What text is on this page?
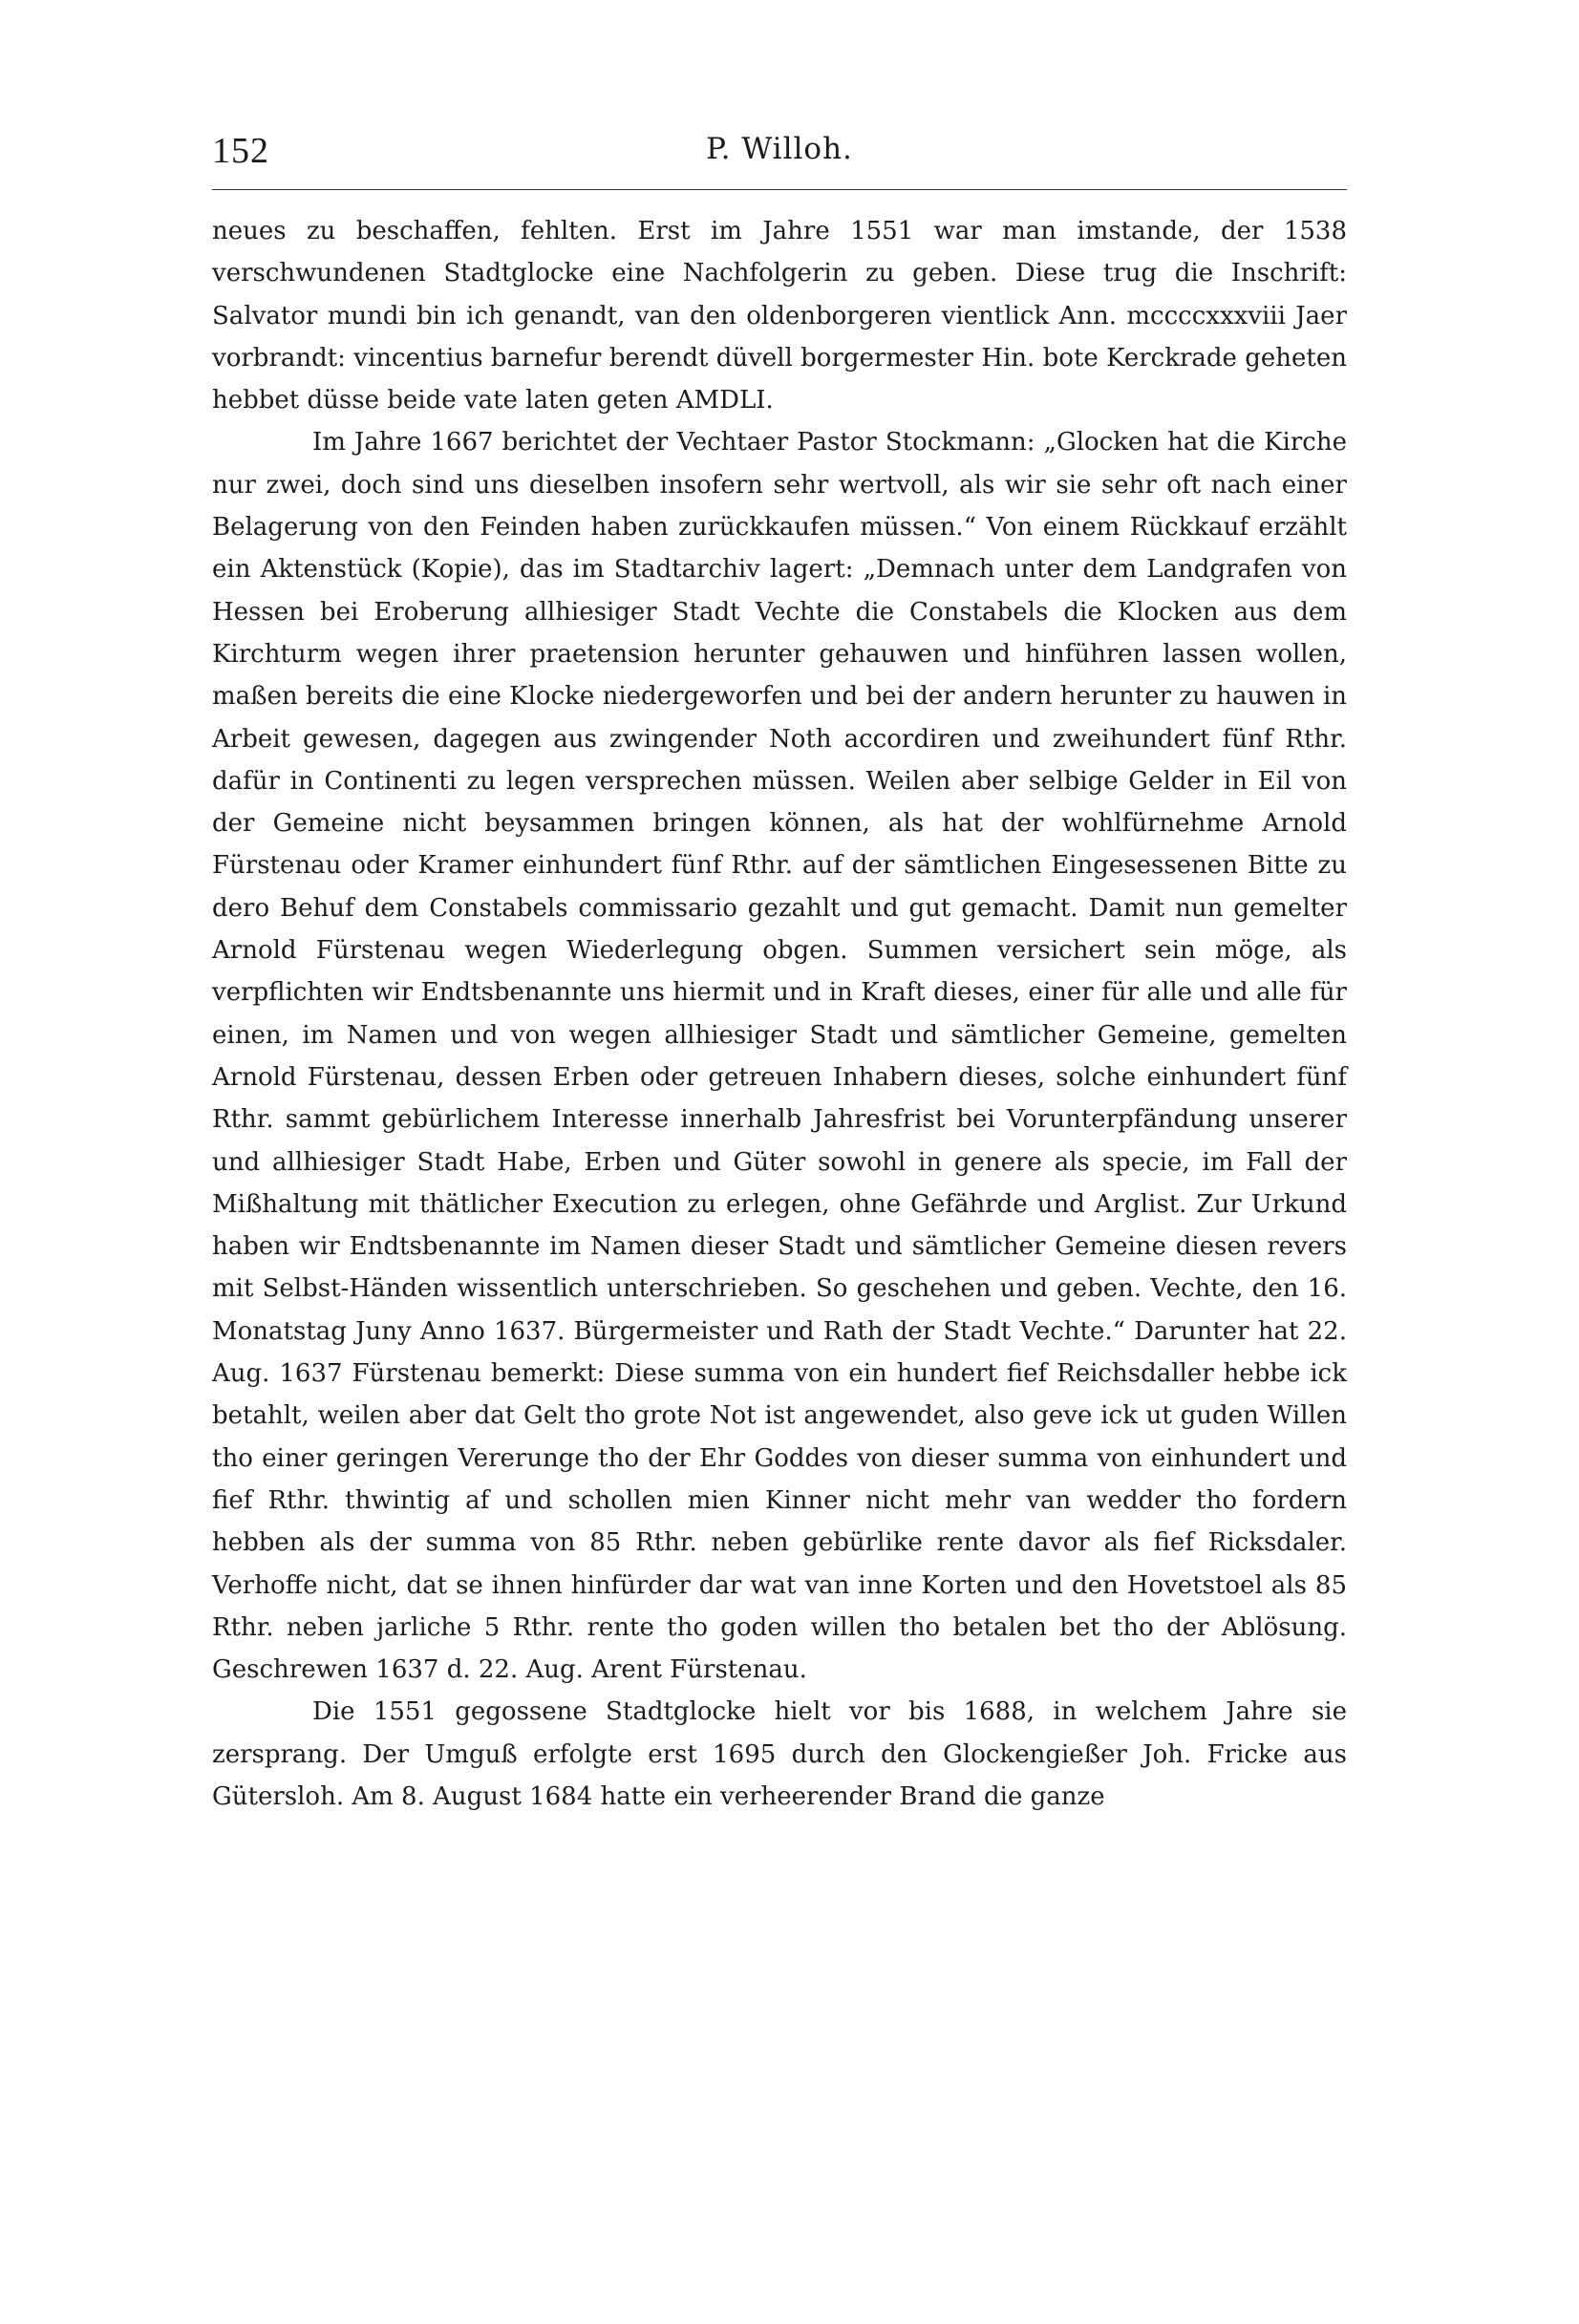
152	P. Willoh.

neues zu beschaffen, fehlten. Erst im Jahre 1551 war man imstande, der 1538 verschwundenen Stadtglocke eine Nachfolgerin zu geben. Diese trug die Inschrift: Salvator mundi bin ich genandt, van den oldenborgeren vientlick Ann. mccccxxxviii Jaer vorbrandt: vincentius barnefur berendt düvell borgermester Hin. bote Kerckrade geheten hebbet düsse beide vate laten geten AMDLI.

Im Jahre 1667 berichtet der Vechtaer Pastor Stockmann: „Glocken hat die Kirche nur zwei, doch sind uns dieselben insofern sehr wertvoll, als wir sie sehr oft nach einer Belagerung von den Feinden haben zurückkaufen müssen.“ Von einem Rückkauf erzählt ein Aktenstück (Kopie), das im Stadtarchiv lagert: „Demnach unter dem Landgrafen von Hessen bei Eroberung allhiesiger Stadt Vechte die Constabels die Klocken aus dem Kirchturm wegen ihrer praetension herunter gehauwen und hinführen lassen wollen, maßen bereits die eine Klocke niedergeworfen und bei der andern herunter zu hauwen in Arbeit gewesen, dagegen aus zwingender Noth accordiren und zweihundert fünf Rthr. dafür in Continenti zu legen versprechen müssen. Weilen aber selbige Gelder in Eil von der Gemeine nicht beysammen bringen können, als hat der wohlfürnehme Arnold Fürstenau oder Kramer einhundert fünf Rthr. auf der sämtlichen Eingesessenen Bitte zu dero Behuf dem Constabels commissario gezahlt und gut gemacht. Damit nun gemelter Arnold Fürstenau wegen Wiederlegung obgen. Summen versichert sein möge, als verpflichten wir Endtsbenannte uns hiermit und in Kraft dieses, einer für alle und alle für einen, im Namen und von wegen allhiesiger Stadt und sämtlicher Gemeine, gemelten Arnold Fürstenau, dessen Erben oder getreuen Inhabern dieses, solche einhundert fünf Rthr. sammt gebürlichem Interesse innerhalb Jahresfrist bei Vorunterpfändung unserer und allhiesiger Stadt Habe, Erben und Güter sowohl in genere als specie, im Fall der Mißhaltung mit thätlicher Execution zu erlegen, ohne Gefährde und Arglist. Zur Urkund haben wir Endtsbenannte im Namen dieser Stadt und sämtlicher Gemeine diesen revers mit Selbst-Händen wissentlich unterschrieben. So geschehen und geben. Vechte, den 16. Monatstag Juny Anno 1637. Bürgermeister und Rath der Stadt Vechte.“ Darunter hat 22. Aug. 1637 Fürstenau bemerkt: Diese summa von ein hundert fief Reichsdaller hebbe ick betahlt, weilen aber dat Gelt tho grote Not ist angewendet, also geve ick ut guden Willen tho einer geringen Vererunge tho der Ehr Goddes von dieser summa von einhundert und fief Rthr. thwintig af und schollen mien Kinner nicht mehr van wedder tho fordern hebben als der summa von 85 Rthr. neben gebürlike rente davor als fief Ricksdaler. Verhoffe nicht, dat se ihnen hinfürder dar wat van inne Korten und den Hovetstoel als 85 Rthr. neben jarliche 5 Rthr. rente tho goden willen tho betalen bet tho der Ablösung. Geschrewen 1637 d. 22. Aug. Arent Fürstenau.

Die 1551 gegossene Stadtglocke hielt vor bis 1688, in welchem Jahre sie zersprang. Der Umguß erfolgte erst 1695 durch den Glockengießer Joh. Fricke aus Gütersloh. Am 8. August 1684 hatte ein verheerender Brand die ganze
